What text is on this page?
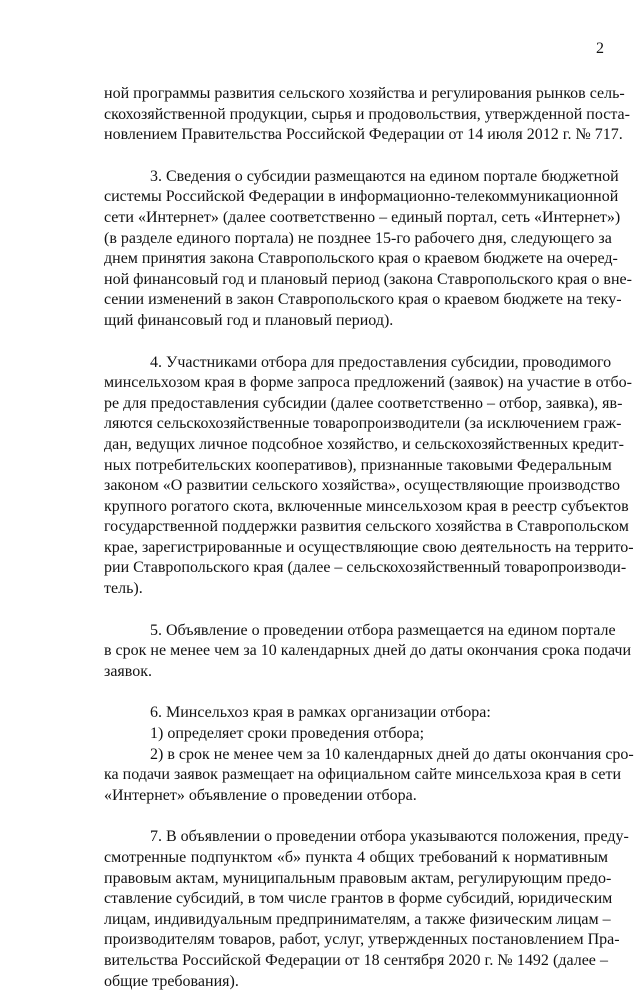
2
ной программы развития сельского хозяйства и регулирования рынков сель-
скохозяйственной продукции, сырья и продовольствия, утвержденной поста-
новлением Правительства Российской Федерации от 14 июля 2012 г. № 717.
3. Сведения о субсидии размещаются на едином портале бюджетной
системы Российской Федерации в информационно-телекоммуникационной
сети «Интернет» (далее соответственно – единый портал, сеть «Интернет»)
(в разделе единого портала) не позднее 15-го рабочего дня, следующего за
днем принятия закона Ставропольского края о краевом бюджете на очеред-
ной финансовый год и плановый период (закона Ставропольского края о вне-
сении изменений в закон Ставропольского края о краевом бюджете на теку-
щий финансовый год и плановый период).
4. Участниками отбора для предоставления субсидии, проводимого
минсельхозом края в форме запроса предложений (заявок) на участие в отбо-
ре для предоставления субсидии (далее соответственно – отбор, заявка), яв-
ляются сельскохозяйственные товаропроизводители (за исключением граж-
дан, ведущих личное подсобное хозяйство, и сельскохозяйственных кредит-
ных потребительских кооперативов), признанные таковыми Федеральным
законом «О развитии сельского хозяйства», осуществляющие производство
крупного рогатого скота, включенные минсельхозом края в реестр субъектов
государственной поддержки развития сельского хозяйства в Ставропольском
крае, зарегистрированные и осуществляющие свою деятельность на террито-
рии Ставропольского края (далее – сельскохозяйственный товаропроизводи-
тель).
5. Объявление о проведении отбора размещается на едином портале
в срок не менее чем за 10 календарных дней до даты окончания срока подачи
заявок.
6. Минсельхоз края в рамках организации отбора:
1) определяет сроки проведения отбора;
2) в срок не менее чем за 10 календарных дней до даты окончания сро-
ка подачи заявок размещает на официальном сайте минсельхоза края в сети
«Интернет» объявление о проведении отбора.
7. В объявлении о проведении отбора указываются положения, преду-
смотренные подпунктом «б» пункта 4 общих требований к нормативным
правовым актам, муниципальным правовым актам, регулирующим предо-
ставление субсидий, в том числе грантов в форме субсидий, юридическим
лицам, индивидуальным предпринимателям, а также физическим лицам –
производителям товаров, работ, услуг, утвержденных постановлением Пра-
вительства Российской Федерации от 18 сентября 2020 г. № 1492 (далее –
общие требования).
